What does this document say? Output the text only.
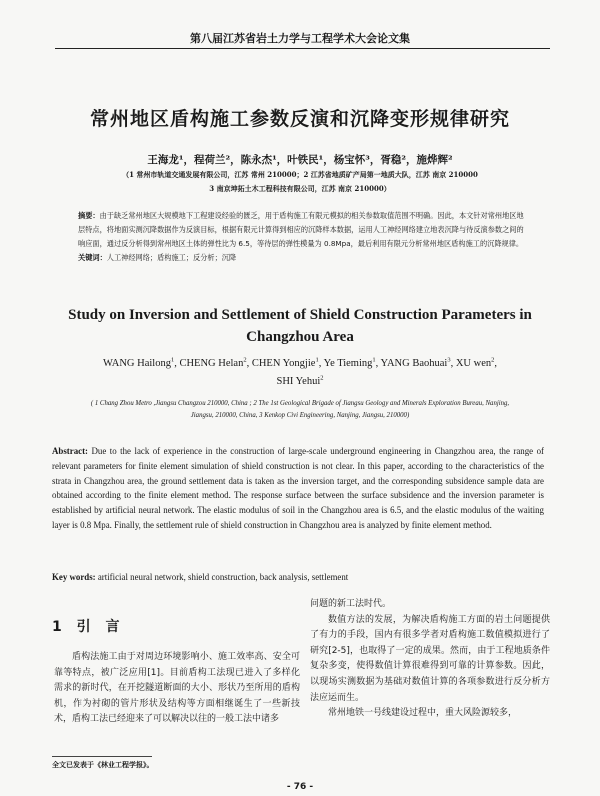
第八届江苏省岩土力学与工程学术大会论文集
常州地区盾构施工参数反演和沉降变形规律研究
王海龙¹，程荷兰²，陈永杰¹，叶铁民¹，杨宝怀³，胥稳²，施烨辉²
（1 常州市轨道交通发展有限公司，江苏 常州 210000；2 江苏省地质矿产局第一地质大队，江苏 南京 210000
3 南京坤拓土木工程科技有限公司，江苏 南京 210000）
摘要：由于缺乏常州地区大规模地下工程建设经验的匮乏，用于盾构施工有限元模拟的相关参数取值范围不明确。因此，本文针对常州地区地层特点，将地面实测沉降数据作为反演目标，根据有限元计算得到相应的沉降样本数据，运用人工神经网络建立地表沉降与待反演参数之间的响应面，通过反分析得到常州地区土体的弹性比为 6.5，等待层的弹性模量为 0.8Mpa，最后利用有限元分析常州地区盾构施工的沉降规律。
关键词：人工神经网络；盾构施工；反分析；沉降
Study on Inversion and Settlement of Shield Construction Parameters in Changzhou Area
WANG Hailong$^1$, CHENG Helan$^2$, CHEN Yongjie$^1$, Ye Tieming$^1$, YANG Baohuai$^3$, XU wen$^2$,
SHI Yehui$^2$
( 1 Chang Zhou Metro ,Jiangsu Changzou 210000, China ; 2 The 1st Geological Brigade of Jiangsu Geology and Minerals Exploration Bureau, Nanjing,
Jiangsu, 210000, China, 3 Kenkop Civi Engineering, Nanjing, Jiangsu, 210000)
Abstract: Due to the lack of experience in the construction of large-scale underground engineering in Changzhou area, the range of relevant parameters for finite element simulation of shield construction is not clear. In this paper, according to the characteristics of the strata in Changzhou area, the ground settlement data is taken as the inversion target, and the corresponding subsidence sample data are obtained according to the finite element method. The response surface between the surface subsidence and the inversion parameter is established by artificial neural network. The elastic modulus of soil in the Changzhou area is 6.5, and the elastic modulus of the waiting layer is 0.8 Mpa. Finally, the settlement rule of shield construction in Changzhou area is analyzed by finite element method.
Key words: artificial neural network, shield construction, back analysis, settlement
1 引 言

盾构法施工由于对周边环境影响小、施工效率高、安全可靠等特点，被广泛应用[1]。目前盾构工法现已进入了多样化需求的新时代，在开挖隧道断面的大小、形状乃至所用的盾构机，作为衬砌的管片形状及结构等方面相继诞生了一些新技术，盾构工法已经迎来了可以解决以往的一般工法中诸多

问题的新工法时代。

数值方法的发展，为解决盾构施工方面的岩土问题提供了有力的手段，国内有很多学者对盾构施工数值模拟进行了研究[2-5]，也取得了一定的成果。然而，由于工程地质条件复杂多变，使得数值计算很难得到可靠的计算参数。因此，以现场实测数据为基础对数值计算的各项参数进行反分析方法应运而生。

常州地铁一号线建设过程中，重大风险源较多，

全文已发表于《林业工程学报》。
- 76 -
